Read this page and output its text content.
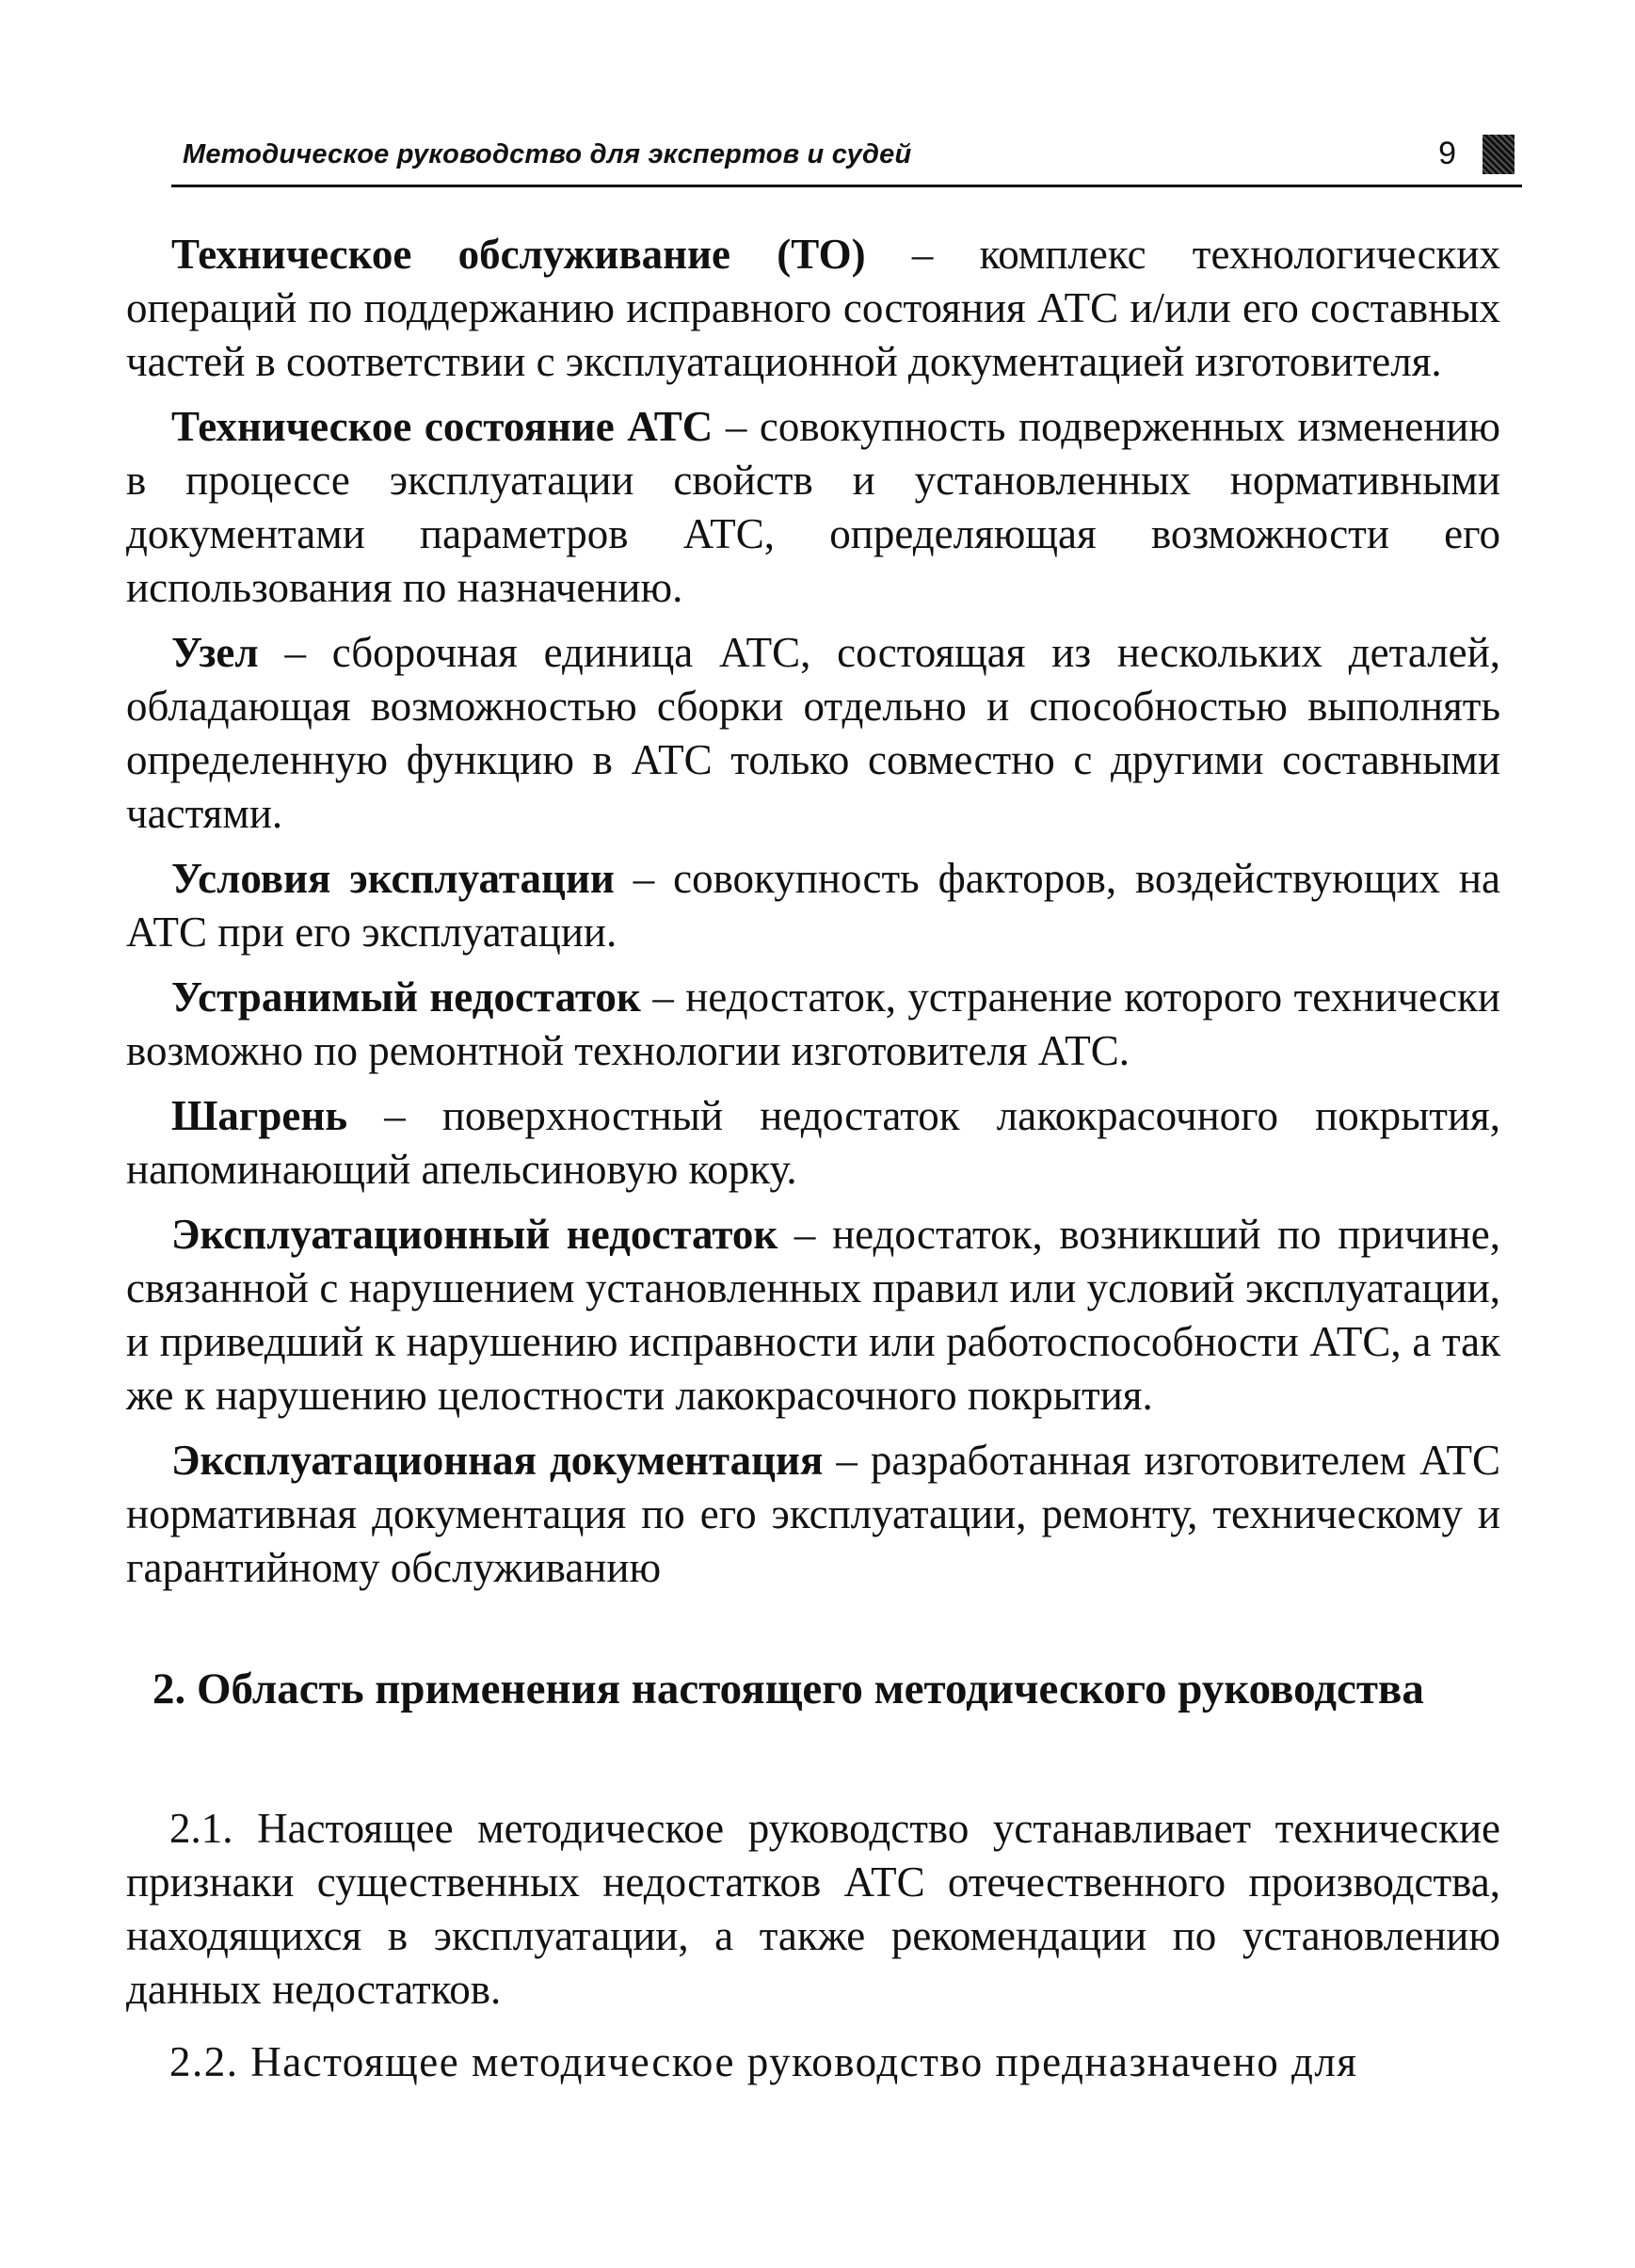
Методическое руководство для экспертов и судей	9

Техническое обслуживание (ТО) – комплекс технологических операций по поддержанию исправного состояния АТС и/или его составных частей в соответствии с эксплуатационной документацией изготовителя.

Техническое состояние АТС – совокупность подверженных изменению в процессе эксплуатации свойств и установленных нормативными документами параметров АТС, определяющая возможности его использования по назначению.

Узел – сборочная единица АТС, состоящая из нескольких деталей, обладающая возможностью сборки отдельно и способностью выполнять определенную функцию в АТС только совместно с другими составными частями.

Условия эксплуатации – совокупность факторов, воздействующих на АТС при его эксплуатации.

Устранимый недостаток – недостаток, устранение которого технически возможно по ремонтной технологии изготовителя АТС.

Шагрень – поверхностный недостаток лакокрасочного покрытия, напоминающий апельсиновую корку.

Эксплуатационный недостаток – недостаток, возникший по причине, связанной с нарушением установленных правил или условий эксплуатации, и приведший к нарушению исправности или работоспособности АТС, а так же к нарушению целостности лакокрасочного покрытия.

Эксплуатационная документация – разработанная изготовителем АТС нормативная документация по его эксплуатации, ремонту, техническому и гарантийному обслуживанию

2. Область применения настоящего методического руководства

2.1. Настоящее методическое руководство устанавливает технические признаки существенных недостатков АТС отечественного производства, находящихся в эксплуатации, а также рекомендации по установлению данных недостатков.

2.2. Настоящее методическое руководство предназначено для
